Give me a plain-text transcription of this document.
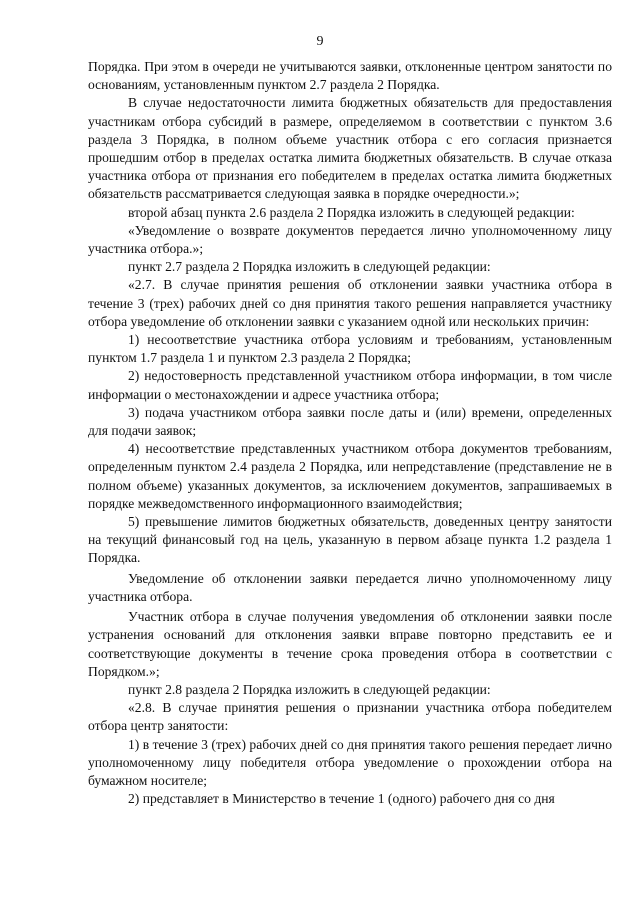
9

Порядка. При этом в очереди не учитываются заявки, отклоненные центром занятости по основаниям, установленным пунктом 2.7 раздела 2 Порядка.

В случае недостаточности лимита бюджетных обязательств для предоставления участникам отбора субсидий в размере, определяемом в соответствии с пунктом 3.6 раздела 3 Порядка, в полном объеме участник отбора с его согласия признается прошедшим отбор в пределах остатка лимита бюджетных обязательств. В случае отказа участника отбора от признания его победителем в пределах остатка лимита бюджетных обязательств рассматривается следующая заявка в порядке очередности.»;

второй абзац пункта 2.6 раздела 2 Порядка изложить в следующей редакции:

«Уведомление о возврате документов передается лично уполномоченному лицу участника отбора.»;

пункт 2.7 раздела 2 Порядка изложить в следующей редакции:

«2.7. В случае принятия решения об отклонении заявки участника отбора в течение 3 (трех) рабочих дней со дня принятия такого решения направляется участнику отбора уведомление об отклонении заявки с указанием одной или нескольких причин:

1) несоответствие участника отбора условиям и требованиям, установленным пунктом 1.7 раздела 1 и пунктом 2.3 раздела 2 Порядка;

2) недостоверность представленной участником отбора информации, в том числе информации о местонахождении и адресе участника отбора;

3) подача участником отбора заявки после даты и (или) времени, определенных для подачи заявок;

4) несоответствие представленных участником отбора документов требованиям, определенным пунктом 2.4 раздела 2 Порядка, или непредставление (представление не в полном объеме) указанных документов, за исключением документов, запрашиваемых в порядке межведомственного информационного взаимодействия;

5) превышение лимитов бюджетных обязательств, доведенных центру занятости на текущий финансовый год на цель, указанную в первом абзаце пункта 1.2 раздела 1 Порядка.

Уведомление об отклонении заявки передается лично уполномоченному лицу участника отбора.

Участник отбора в случае получения уведомления об отклонении заявки после устранения оснований для отклонения заявки вправе повторно представить ее и соответствующие документы в течение срока проведения отбора в соответствии с Порядком.»;

пункт 2.8 раздела 2 Порядка изложить в следующей редакции:

«2.8. В случае принятия решения о признании участника отбора победителем отбора центр занятости:

1) в течение 3 (трех) рабочих дней со дня принятия такого решения передает лично уполномоченному лицу победителя отбора уведомление о прохождении отбора на бумажном носителе;

2) представляет в Министерство в течение 1 (одного) рабочего дня со дня
